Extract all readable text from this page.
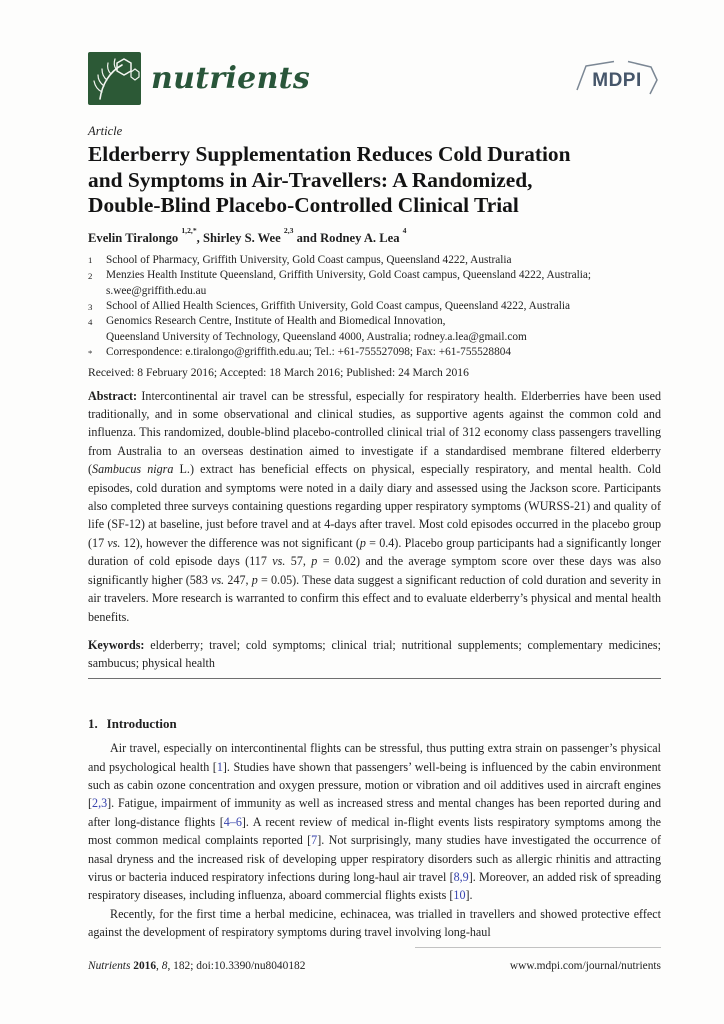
nutrients	MDPI
Article
Elderberry Supplementation Reduces Cold Duration
and Symptoms in Air-Travellers: A Randomized,
Double-Blind Placebo-Controlled Clinical Trial

Evelin Tiralongo $^{1,2,*}$, Shirley S. Wee $^{2,3}$ and Rodney A. Lea $^4$

1	School of Pharmacy, Griffith University, Gold Coast campus, Queensland 4222, Australia
2	Menzies Health Institute Queensland, Griffith University, Gold Coast campus, Queensland 4222, Australia;
s.wee@griffith.edu.au
3	School of Allied Health Sciences, Griffith University, Gold Coast campus, Queensland 4222, Australia
4	Genomics Research Centre, Institute of Health and Biomedical Innovation,
Queensland University of Technology, Queensland 4000, Australia; rodney.a.lea@gmail.com
*	Correspondence: e.tiralongo@griffith.edu.au; Tel.: +61-755527098; Fax: +61-755528804

Received: 8 February 2016; Accepted: 18 March 2016; Published: 24 March 2016

Abstract: Intercontinental air travel can be stressful, especially for respiratory health. Elderberries have been used traditionally, and in some observational and clinical studies, as supportive agents against the common cold and influenza. This randomized, double-blind placebo-controlled clinical trial of 312 economy class passengers travelling from Australia to an overseas destination aimed to investigate if a standardised membrane filtered elderberry (Sambucus nigra L.) extract has beneficial effects on physical, especially respiratory, and mental health. Cold episodes, cold duration and symptoms were noted in a daily diary and assessed using the Jackson score. Participants also completed three surveys containing questions regarding upper respiratory symptoms (WURSS-21) and quality of life (SF-12) at baseline, just before travel and at 4-days after travel. Most cold episodes occurred in the placebo group (17 vs. 12), however the difference was not significant (p = 0.4). Placebo group participants had a significantly longer duration of cold episode days (117 vs. 57, p = 0.02) and the average symptom score over these days was also significantly higher (583 vs. 247, p = 0.05). These data suggest a significant reduction of cold duration and severity in air travelers. More research is warranted to confirm this effect and to evaluate elderberry’s physical and mental health benefits.

Keywords: elderberry; travel; cold symptoms; clinical trial; nutritional supplements; complementary medicines; sambucus; physical health

1. Introduction

Air travel, especially on intercontinental flights can be stressful, thus putting extra strain on passenger’s physical and psychological health [1]. Studies have shown that passengers’ well-being is influenced by the cabin environment such as cabin ozone concentration and oxygen pressure, motion or vibration and oil additives used in aircraft engines [2,3]. Fatigue, impairment of immunity as well as increased stress and mental changes has been reported during and after long-distance flights [4–6]. A recent review of medical in-flight events lists respiratory symptoms among the most common medical complaints reported [7]. Not surprisingly, many studies have investigated the occurrence of nasal dryness and the increased risk of developing upper respiratory disorders such as allergic rhinitis and attracting virus or bacteria induced respiratory infections during long-haul air travel [8,9]. Moreover, an added risk of spreading respiratory diseases, including influenza, aboard commercial flights exists [10].

Recently, for the first time a herbal medicine, echinacea, was trialled in travellers and showed protective effect against the development of respiratory symptoms during travel involving long-haul

Nutrients 2016, 8, 182; doi:10.3390/nu8040182	www.mdpi.com/journal/nutrients
